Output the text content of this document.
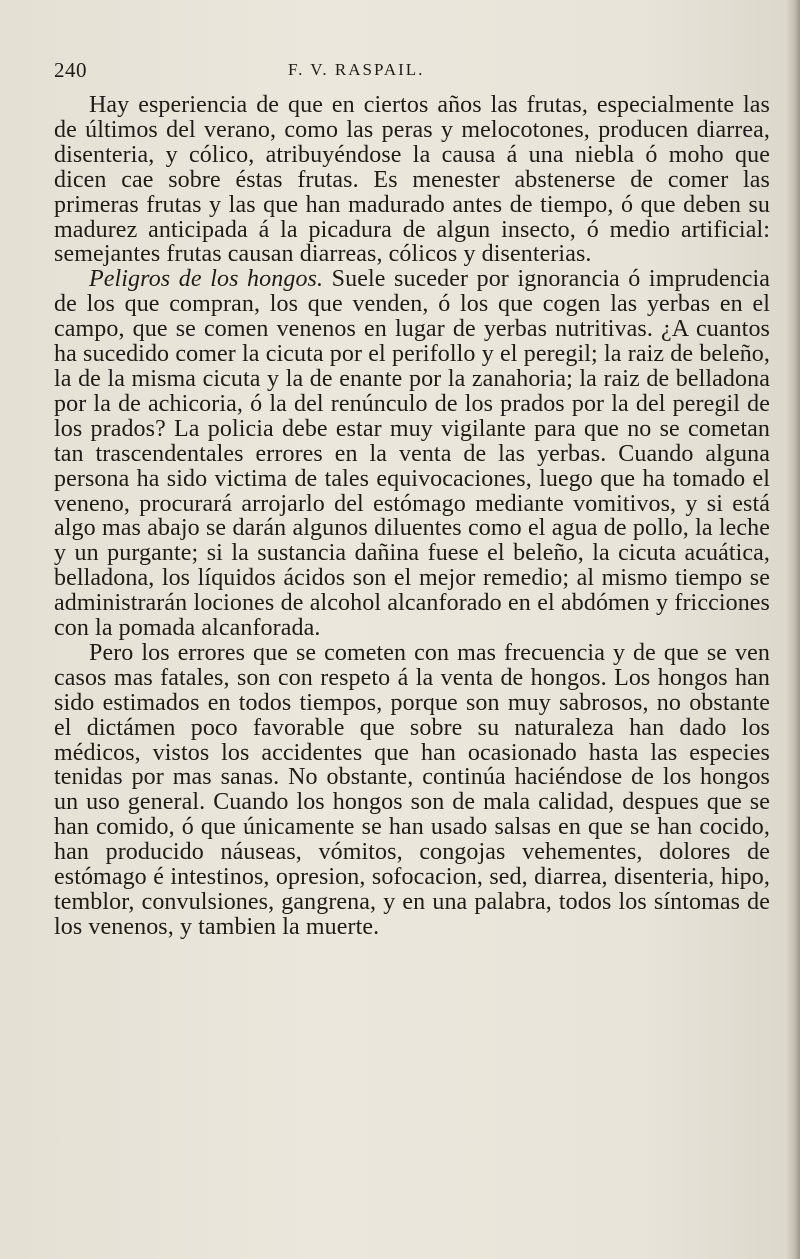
240	F. V. RASPAIL.

Hay esperiencia de que en ciertos años las frutas, especialmente las de últimos del verano, como las peras y melocotones, producen diarrea, disenteria, y cólico, atribuyéndose la causa á una niebla ó moho que dicen cae sobre éstas frutas. Es menester abstenerse de comer las primeras frutas y las que han madurado antes de tiempo, ó que deben su madurez anticipada á la picadura de algun insecto, ó medio artificial: semejantes frutas causan diarreas, cólicos y disenterias.

Peligros de los hongos. Suele suceder por ignorancia ó imprudencia de los que compran, los que venden, ó los que cogen las yerbas en el campo, que se comen venenos en lugar de yerbas nutritivas. ¿A cuantos ha sucedido comer la cicuta por el perifollo y el peregil; la raiz de beleño, la de la misma cicuta y la de enante por la zanahoria; la raiz de belladona por la de achicoria, ó la del renúnculo de los prados por la del peregil de los prados? La policia debe estar muy vigilante para que no se cometan tan trascendentales errores en la venta de las yerbas. Cuando alguna persona ha sido victima de tales equivocaciones, luego que ha tomado el veneno, procurará arrojarlo del estómago mediante vomitivos, y si está algo mas abajo se darán algunos diluentes como el agua de pollo, la leche y un purgante; si la sustancia dañina fuese el beleño, la cicuta acuática, belladona, los líquidos ácidos son el mejor remedio; al mismo tiempo se administrarán lociones de alcohol alcanforado en el abdómen y fricciones con la pomada alcanforada.

Pero los errores que se cometen con mas frecuencia y de que se ven casos mas fatales, son con respeto á la venta de hongos. Los hongos han sido estimados en todos tiempos, porque son muy sabrosos, no obstante el dictámen poco favorable que sobre su naturaleza han dado los médicos, vistos los accidentes que han ocasionado hasta las especies tenidas por mas sanas. No obstante, continúa haciéndose de los hongos un uso general. Cuando los hongos son de mala calidad, despues que se han comido, ó que únicamente se han usado salsas en que se han cocido, han producido náuseas, vómitos, congojas vehementes, dolores de estómago é intestinos, opresion, sofocacion, sed, diarrea, disenteria, hipo, temblor, convulsiones, gangrena, y en una palabra, todos los síntomas de los venenos, y tambien la muerte.
